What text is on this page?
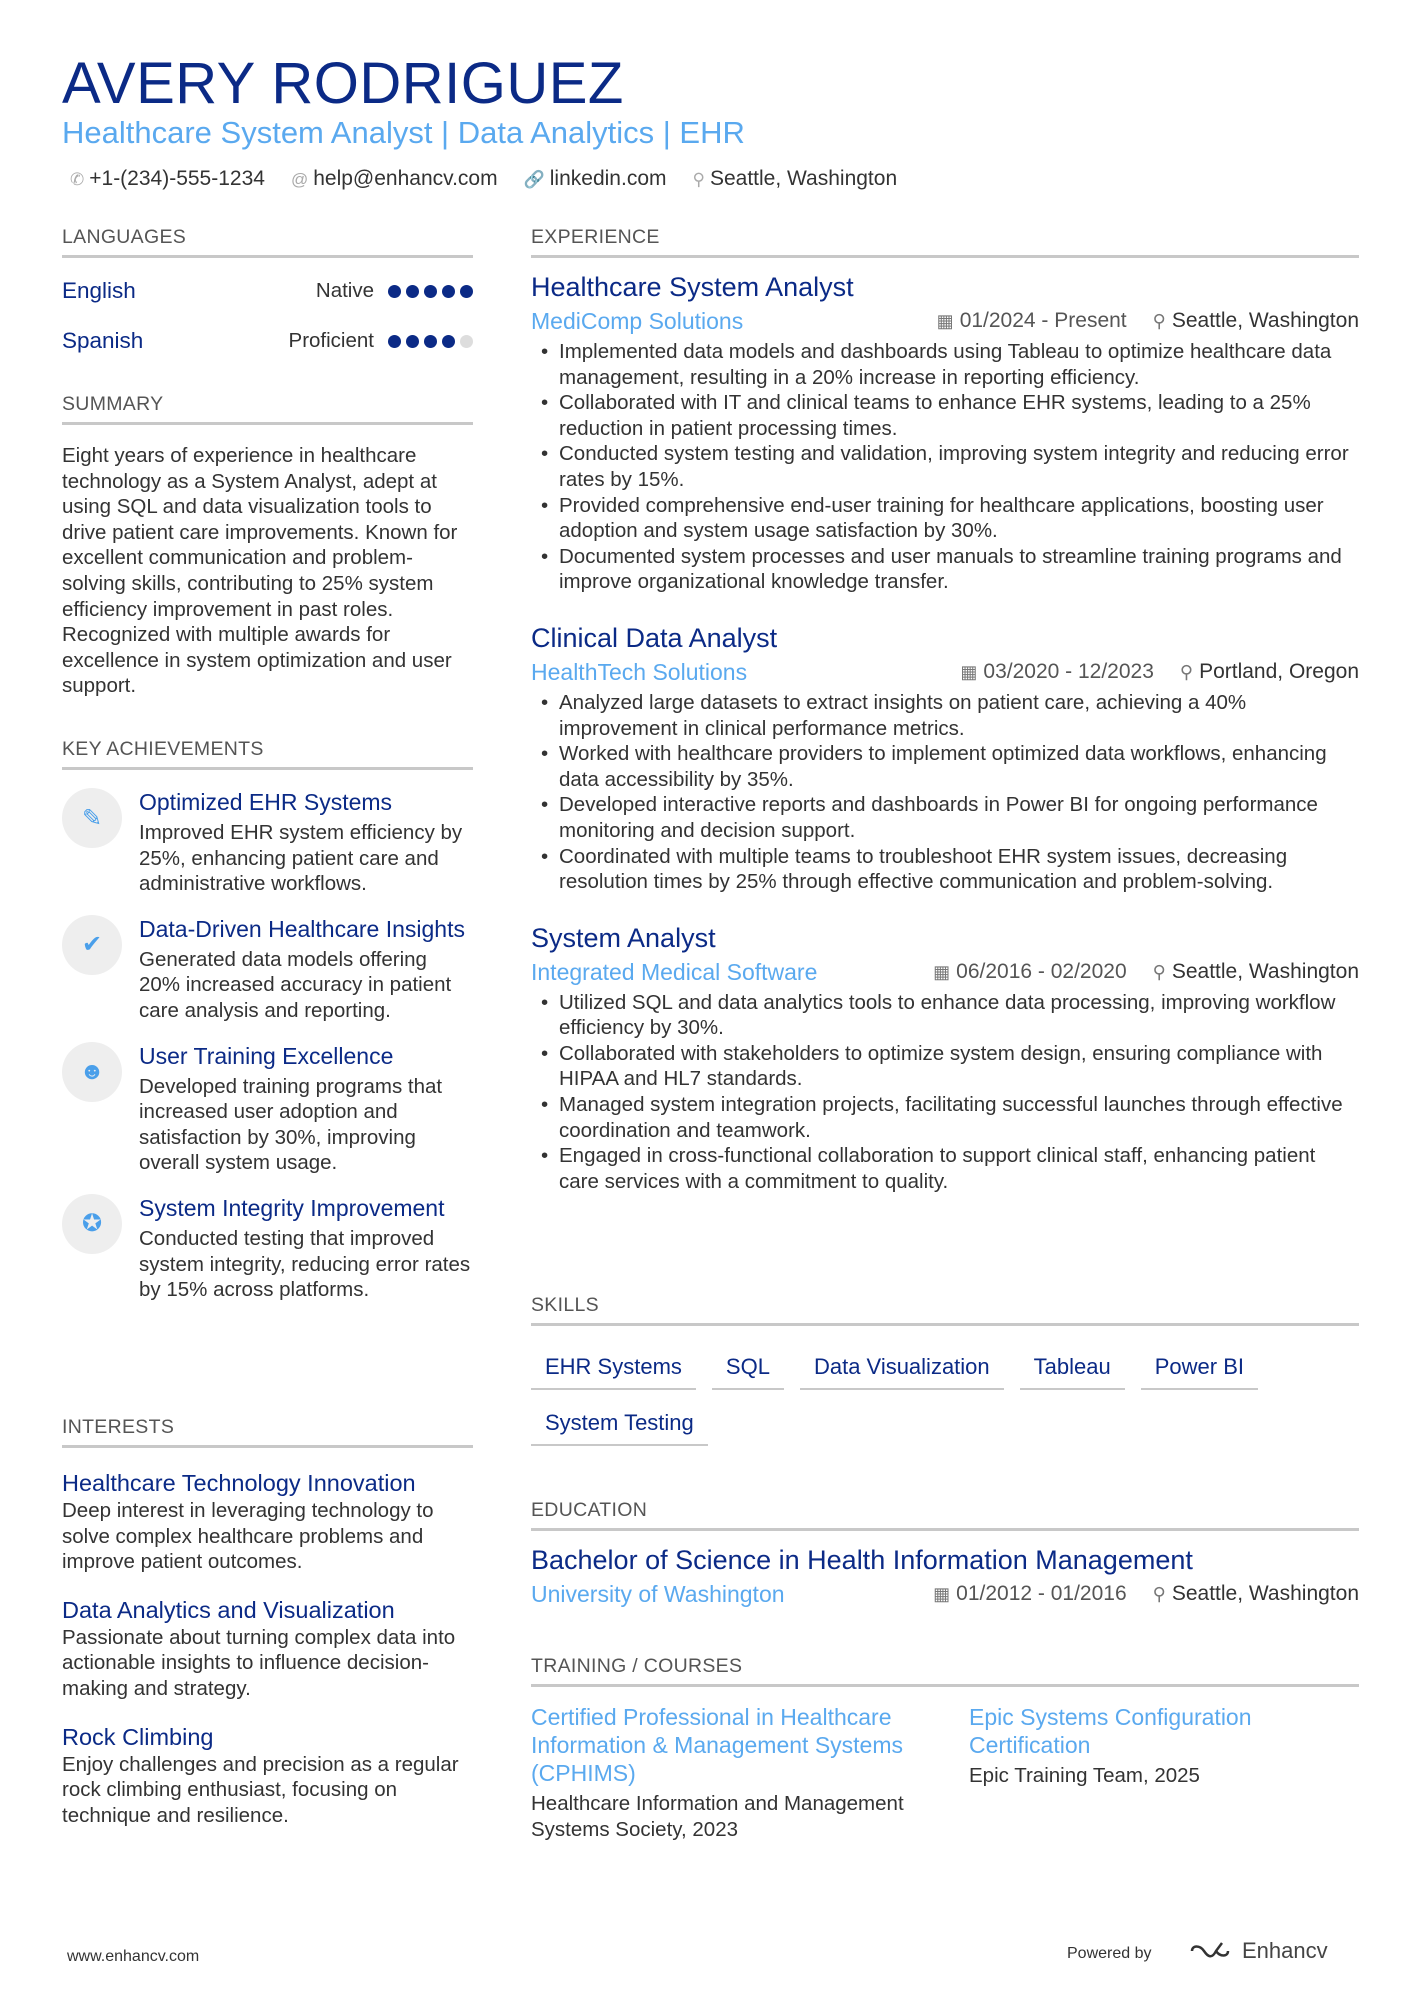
AVERY RODRIGUEZ
Healthcare System Analyst | Data Analytics | EHR
✆ +1-(234)-555-1234 @ help@enhancv.com 🔗 linkedin.com ⚲ Seattle, Washington
LANGUAGES
English	Native
Spanish	Proficient
SUMMARY
Eight years of experience in healthcare technology as a System Analyst, adept at using SQL and data visualization tools to drive patient care improvements. Known for excellent communication and problem-solving skills, contributing to 25% system efficiency improvement in past roles. Recognized with multiple awards for excellence in system optimization and user support.
KEY ACHIEVEMENTS
✎
Optimized EHR Systems
Improved EHR system efficiency by 25%, enhancing patient care and administrative workflows.
✔
Data-Driven Healthcare Insights
Generated data models offering 20% increased accuracy in patient care analysis and reporting.
☻
User Training Excellence
Developed training programs that increased user adoption and satisfaction by 30%, improving overall system usage.
✪
System Integrity Improvement
Conducted testing that improved system integrity, reducing error rates by 15% across platforms.
INTERESTS
Healthcare Technology Innovation
Deep interest in leveraging technology to solve complex healthcare problems and improve patient outcomes.
Data Analytics and Visualization
Passionate about turning complex data into actionable insights to influence decision-making and strategy.
Rock Climbing
Enjoy challenges and precision as a regular rock climbing enthusiast, focusing on technique and resilience.
EXPERIENCE
Healthcare System Analyst
MediComp Solutions	▦ 01/2024 - Present ⚲ Seattle, Washington
• Implemented data models and dashboards using Tableau to optimize healthcare data management, resulting in a 20% increase in reporting efficiency.
• Collaborated with IT and clinical teams to enhance EHR systems, leading to a 25% reduction in patient processing times.
• Conducted system testing and validation, improving system integrity and reducing error rates by 15%.
• Provided comprehensive end-user training for healthcare applications, boosting user adoption and system usage satisfaction by 30%.
• Documented system processes and user manuals to streamline training programs and improve organizational knowledge transfer.
Clinical Data Analyst
HealthTech Solutions	▦ 03/2020 - 12/2023 ⚲ Portland, Oregon
• Analyzed large datasets to extract insights on patient care, achieving a 40% improvement in clinical performance metrics.
• Worked with healthcare providers to implement optimized data workflows, enhancing data accessibility by 35%.
• Developed interactive reports and dashboards in Power BI for ongoing performance monitoring and decision support.
• Coordinated with multiple teams to troubleshoot EHR system issues, decreasing resolution times by 25% through effective communication and problem-solving.
System Analyst
Integrated Medical Software	▦ 06/2016 - 02/2020 ⚲ Seattle, Washington
• Utilized SQL and data analytics tools to enhance data processing, improving workflow efficiency by 30%.
• Collaborated with stakeholders to optimize system design, ensuring compliance with HIPAA and HL7 standards.
• Managed system integration projects, facilitating successful launches through effective coordination and teamwork.
• Engaged in cross-functional collaboration to support clinical staff, enhancing patient care services with a commitment to quality.
SKILLS
EHR Systems	SQL	Data Visualization	Tableau	Power BI
System Testing
EDUCATION
Bachelor of Science in Health Information Management
University of Washington	▦ 01/2012 - 01/2016 ⚲ Seattle, Washington
TRAINING / COURSES
Certified Professional in Healthcare Information & Management Systems (CPHIMS)
Healthcare Information and Management Systems Society, 2023
Epic Systems Configuration Certification
Epic Training Team, 2025
www.enhancv.com	Powered by	Enhancv
